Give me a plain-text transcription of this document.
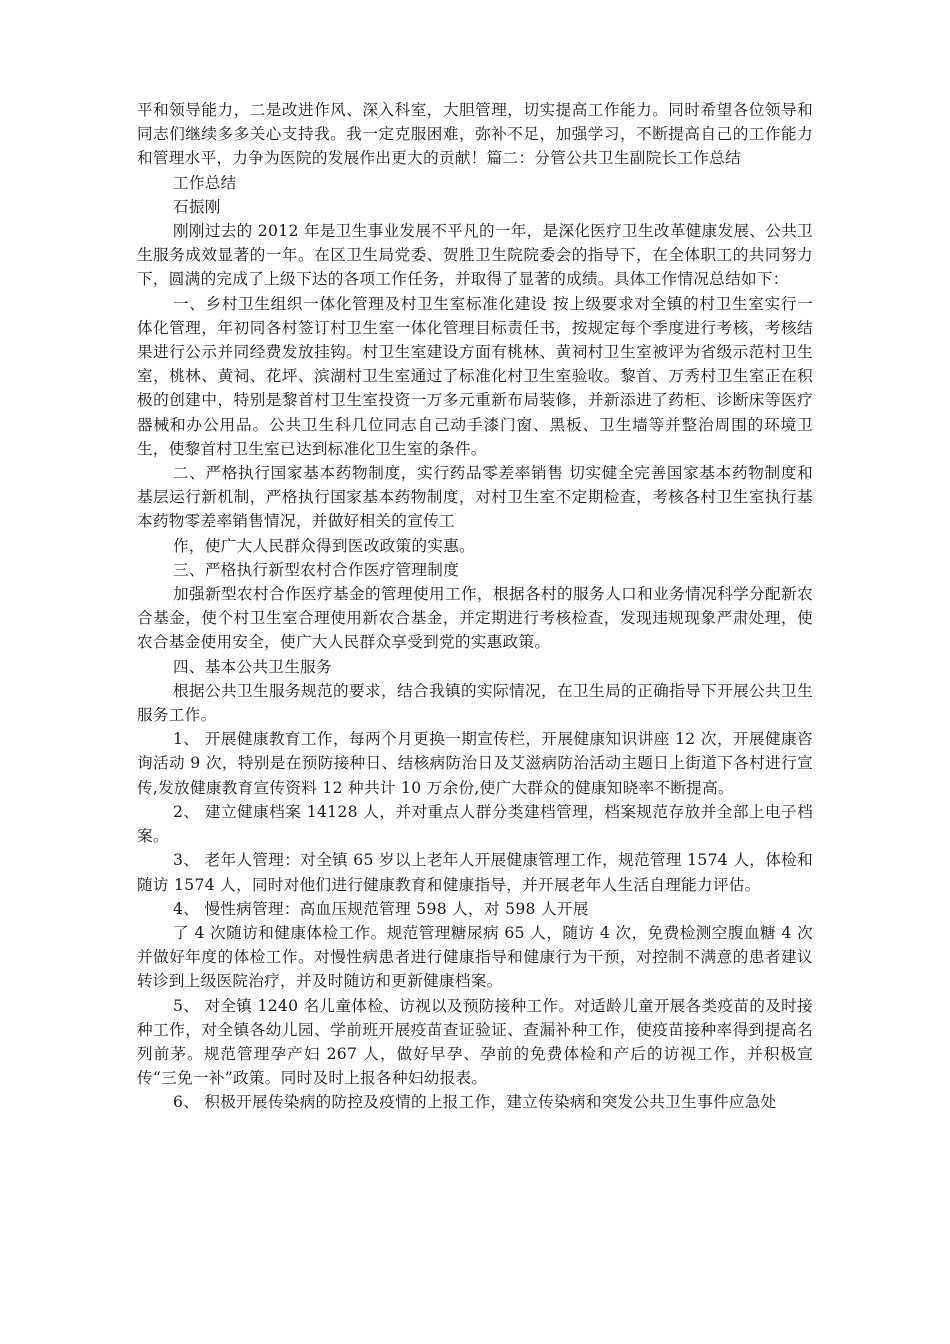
平和领导能力，二是改进作风、深入科室，大胆管理，切实提高工作能力。同时希望各位领导和同志们继续多多关心支持我。我一定克服困难，弥补不足，加强学习，不断提高自己的工作能力和管理水平，力争为医院的发展作出更大的贡献！篇二：分管公共卫生副院长工作总结

工作总结

石振刚

刚刚过去的 2012 年是卫生事业发展不平凡的一年，是深化医疗卫生改革健康发展、公共卫生服务成效显著的一年。在区卫生局党委、贺胜卫生院院委会的指导下，在全体职工的共同努力下，圆满的完成了上级下达的各项工作任务，并取得了显著的成绩。具体工作情况总结如下：

一、乡村卫生组织一体化管理及村卫生室标准化建设 按上级要求对全镇的村卫生室实行一体化管理，年初同各村签订村卫生室一体化管理目标责任书，按规定每个季度进行考核，考核结果进行公示并同经费发放挂钩。村卫生室建设方面有桃林、黄祠村卫生室被评为省级示范村卫生室，桃林、黄祠、花坪、滨湖村卫生室通过了标准化村卫生室验收。黎首、万秀村卫生室正在积极的创建中，特别是黎首村卫生室投资一万多元重新布局装修，并新添进了药柜、诊断床等医疗器械和办公用品。公共卫生科几位同志自己动手漆门窗、黑板、卫生墙等并整治周围的环境卫生，使黎首村卫生室已达到标准化卫生室的条件。

二、严格执行国家基本药物制度，实行药品零差率销售 切实健全完善国家基本药物制度和基层运行新机制，严格执行国家基本药物制度，对村卫生室不定期检查，考核各村卫生室执行基本药物零差率销售情况，并做好相关的宣传工

作，使广大人民群众得到医改政策的实惠。

三、严格执行新型农村合作医疗管理制度

加强新型农村合作医疗基金的管理使用工作，根据各村的服务人口和业务情况科学分配新农合基金，使个村卫生室合理使用新农合基金，并定期进行考核检查，发现违规现象严肃处理，使农合基金使用安全，使广大人民群众享受到党的实惠政策。

四、基本公共卫生服务

根据公共卫生服务规范的要求，结合我镇的实际情况，在卫生局的正确指导下开展公共卫生服务工作。

1、 开展健康教育工作，每两个月更换一期宣传栏，开展健康知识讲座 12 次，开展健康咨询活动 9 次，特别是在预防接种日、结核病防治日及艾滋病防治活动主题日上街道下各村进行宣传,发放健康教育宣传资料 12 种共计 10 万余份,使广大群众的健康知晓率不断提高。

2、 建立健康档案 14128 人，并对重点人群分类建档管理，档案规范存放并全部上电子档案。

3、 老年人管理：对全镇 65 岁以上老年人开展健康管理工作，规范管理 1574 人，体检和随访 1574 人，同时对他们进行健康教育和健康指导，并开展老年人生活自理能力评估。

4、 慢性病管理：高血压规范管理 598 人，对 598 人开展

了 4 次随访和健康体检工作。规范管理糖尿病 65 人，随访 4 次，免费检测空腹血糖 4 次并做好年度的体检工作。对慢性病患者进行健康指导和健康行为干预，对控制不满意的患者建议转诊到上级医院治疗，并及时随访和更新健康档案。

5、 对全镇 1240 名儿童体检、访视以及预防接种工作。对适龄儿童开展各类疫苗的及时接种工作，对全镇各幼儿园、学前班开展疫苗查证验证、查漏补种工作，使疫苗接种率得到提高名列前茅。规范管理孕产妇 267 人，做好早孕、孕前的免费体检和产后的访视工作，并积极宣传“三免一补”政策。同时及时上报各种妇幼报表。

6、 积极开展传染病的防控及疫情的上报工作，建立传染病和突发公共卫生事件应急处
